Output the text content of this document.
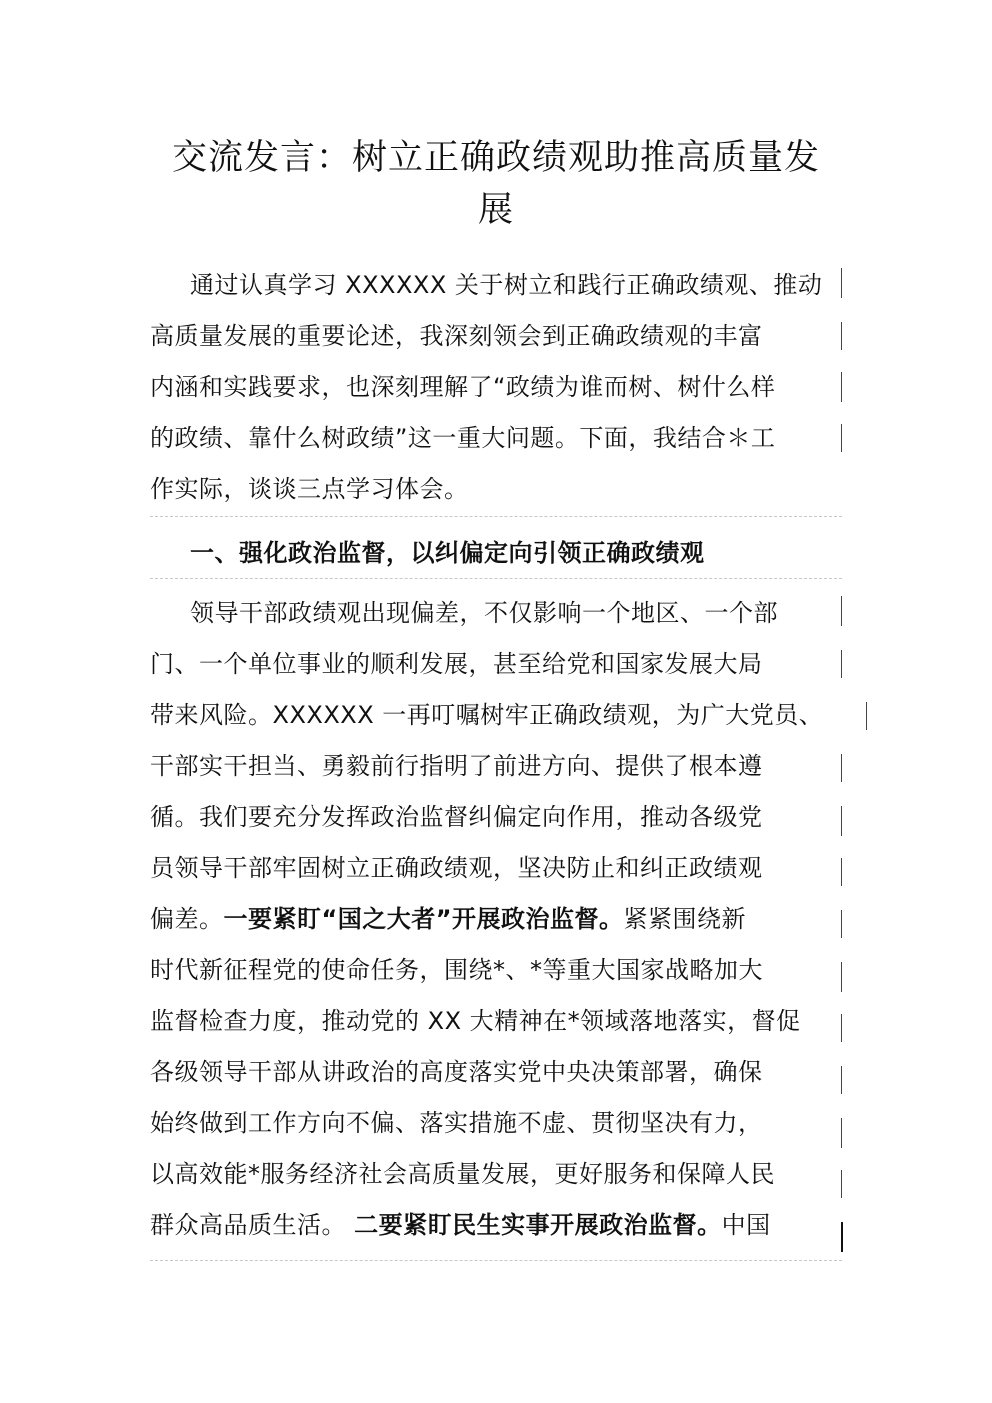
交流发言：树立正确政绩观助推高质量发
展
通过认真学习 XXXXXX 关于树立和践行正确政绩观、推动
高质量发展的重要论述，我深刻领会到正确政绩观的丰富
内涵和实践要求，也深刻理解了“政绩为谁而树、树什么样
的政绩、靠什么树政绩”这一重大问题。下面，我结合＊工
作实际，谈谈三点学习体会。
一、强化政治监督，以纠偏定向引领正确政绩观
领导干部政绩观出现偏差，不仅影响一个地区、一个部
门、一个单位事业的顺利发展，甚至给党和国家发展大局
带来风险。XXXXXX 一再叮嘱树牢正确政绩观，为广大党员、
干部实干担当、勇毅前行指明了前进方向、提供了根本遵
循。我们要充分发挥政治监督纠偏定向作用，推动各级党
员领导干部牢固树立正确政绩观，坚决防止和纠正政绩观
偏差。一要紧盯“国之大者”开展政治监督。紧紧围绕新
时代新征程党的使命任务，围绕*、*等重大国家战略加大
监督检查力度，推动党的 XX 大精神在*领域落地落实，督促
各级领导干部从讲政治的高度落实党中央决策部署，确保
始终做到工作方向不偏、落实措施不虚、贯彻坚决有力，
以高效能*服务经济社会高质量发展，更好服务和保障人民
群众高品质生活。 二要紧盯民生实事开展政治监督。中国
